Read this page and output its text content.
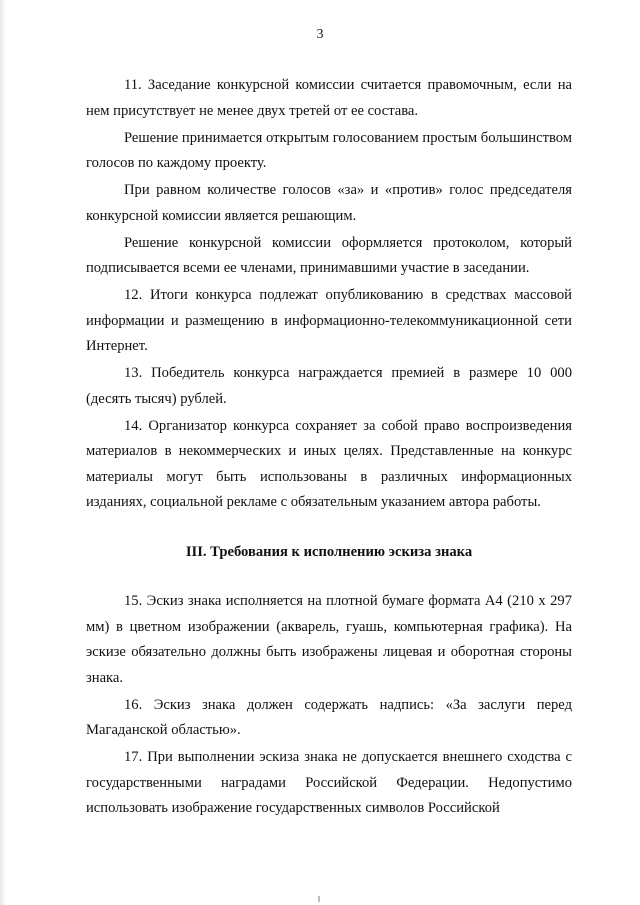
3

11. Заседание конкурсной комиссии считается правомочным, если на нем присутствует не менее двух третей от ее состава.

Решение принимается открытым голосованием простым большинством голосов по каждому проекту.

При равном количестве голосов «за» и «против» голос председателя конкурсной комиссии является решающим.

Решение конкурсной комиссии оформляется протоколом, который подписывается всеми ее членами, принимавшими участие в заседании.

12. Итоги конкурса подлежат опубликованию в средствах массовой информации и размещению в информационно-телекоммуникационной сети Интернет.

13. Победитель конкурса награждается премией в размере 10 000 (десять тысяч) рублей.

14. Организатор конкурса сохраняет за собой право воспроизведения материалов в некоммерческих и иных целях. Представленные на конкурс материалы могут быть использованы в различных информационных изданиях, социальной рекламе с обязательным указанием автора работы.

III. Требования к исполнению эскиза знака

15. Эскиз знака исполняется на плотной бумаге формата А4 (210 х 297 мм) в цветном изображении (акварель, гуашь, компьютерная графика). На эскизе обязательно должны быть изображены лицевая и оборотная стороны знака.

16. Эскиз знака должен содержать надпись: «За заслуги перед Магаданской областью».

17. При выполнении эскиза знака не допускается внешнего сходства с государственными наградами Российской Федерации. Недопустимо использовать изображение государственных символов Российской
